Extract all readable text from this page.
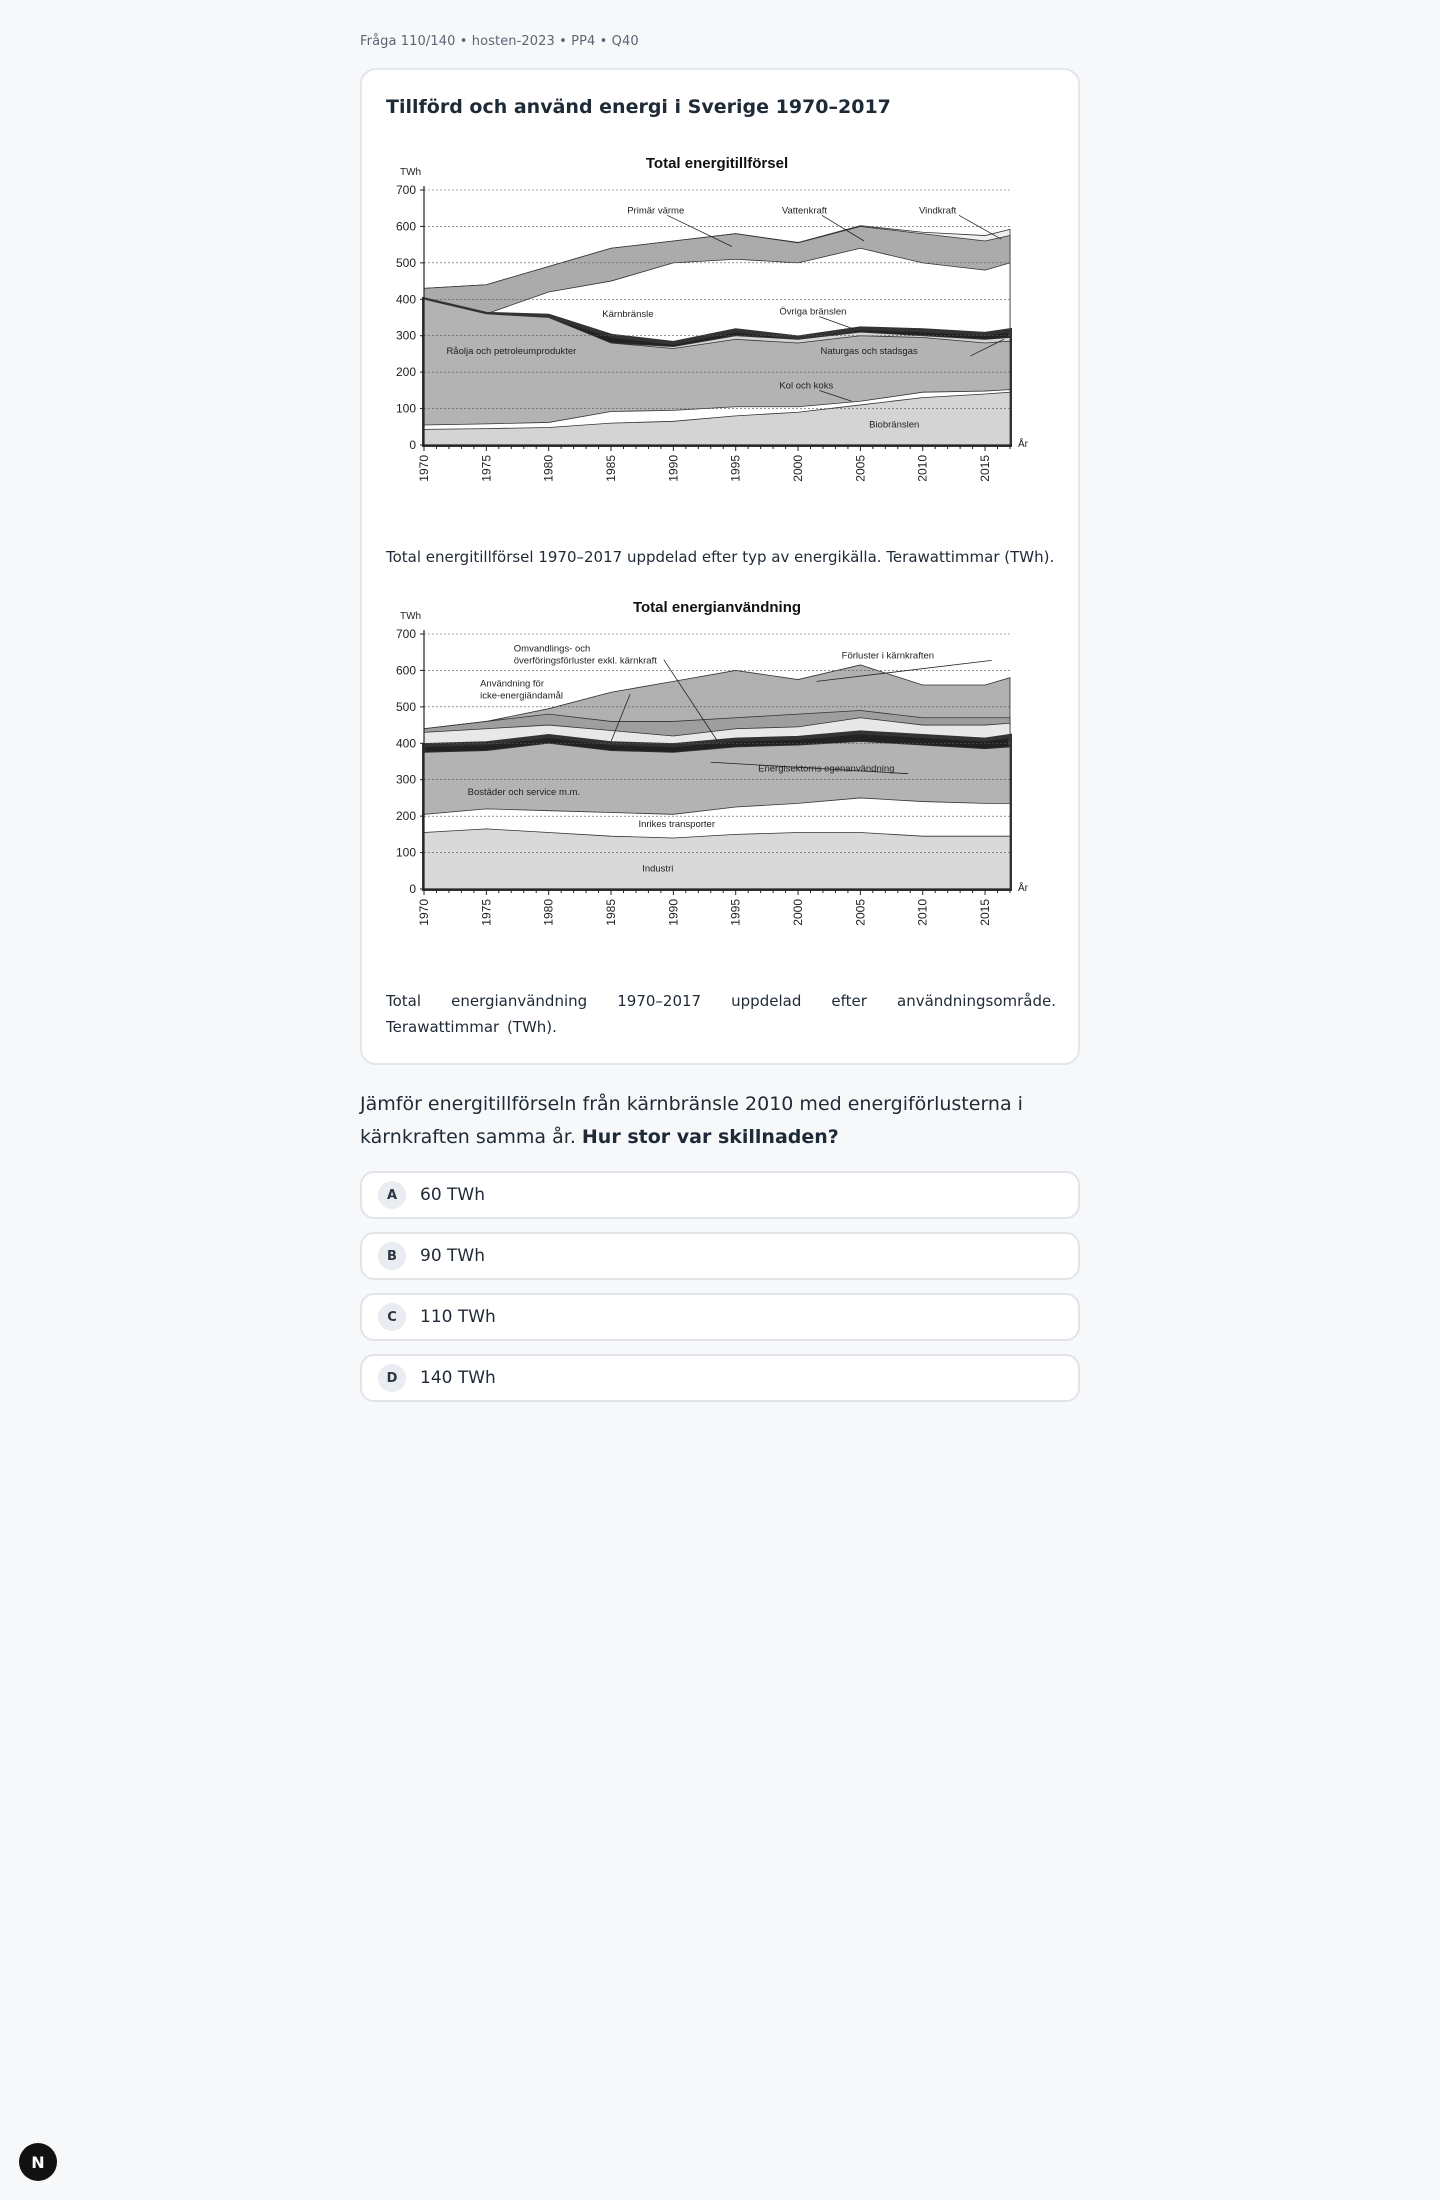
Fråga 110/140 • hosten-2023 • PP4 • Q40
Tillförd och använd energi i Sverige 1970–2017
Total energitillförsel
TWh
År
0
100
200
300
400
500
600
700
1970	1975	1980	1985	1990	1995	2000	2005	2010	2015
Primär värme	Vattenkraft	Vindkraft
Kärnbränsle	Övriga bränslen
Råolja och petroleumprodukter	Naturgas och stadsgas
Kol och koks
Biobränslen
Total energitillförsel 1970–2017 uppdelad efter typ av energikälla. Terawattimmar (TWh).
Total energianvändning
TWh
År
0
100
200
300
400
500
600
700
1970	1975	1980	1985	1990	1995	2000	2005	2010	2015
Omvandlings- och
överföringsförluster exkl. kärnkraft	Förluster i kärnkraften
Användning för
icke-energiändamål
Energisektorns egenanvändning
Bostäder och service m.m.
Inrikes transporter
Industri
Total energianvändning 1970–2017 uppdelad efter användningsområde. Terawattimmar (TWh).
Jämför energitillförseln från kärnbränsle 2010 med energiförlusterna i kärnkraften samma år. Hur stor var skillnaden?
A	60 TWh
B	90 TWh
C	110 TWh
D	140 TWh
N
